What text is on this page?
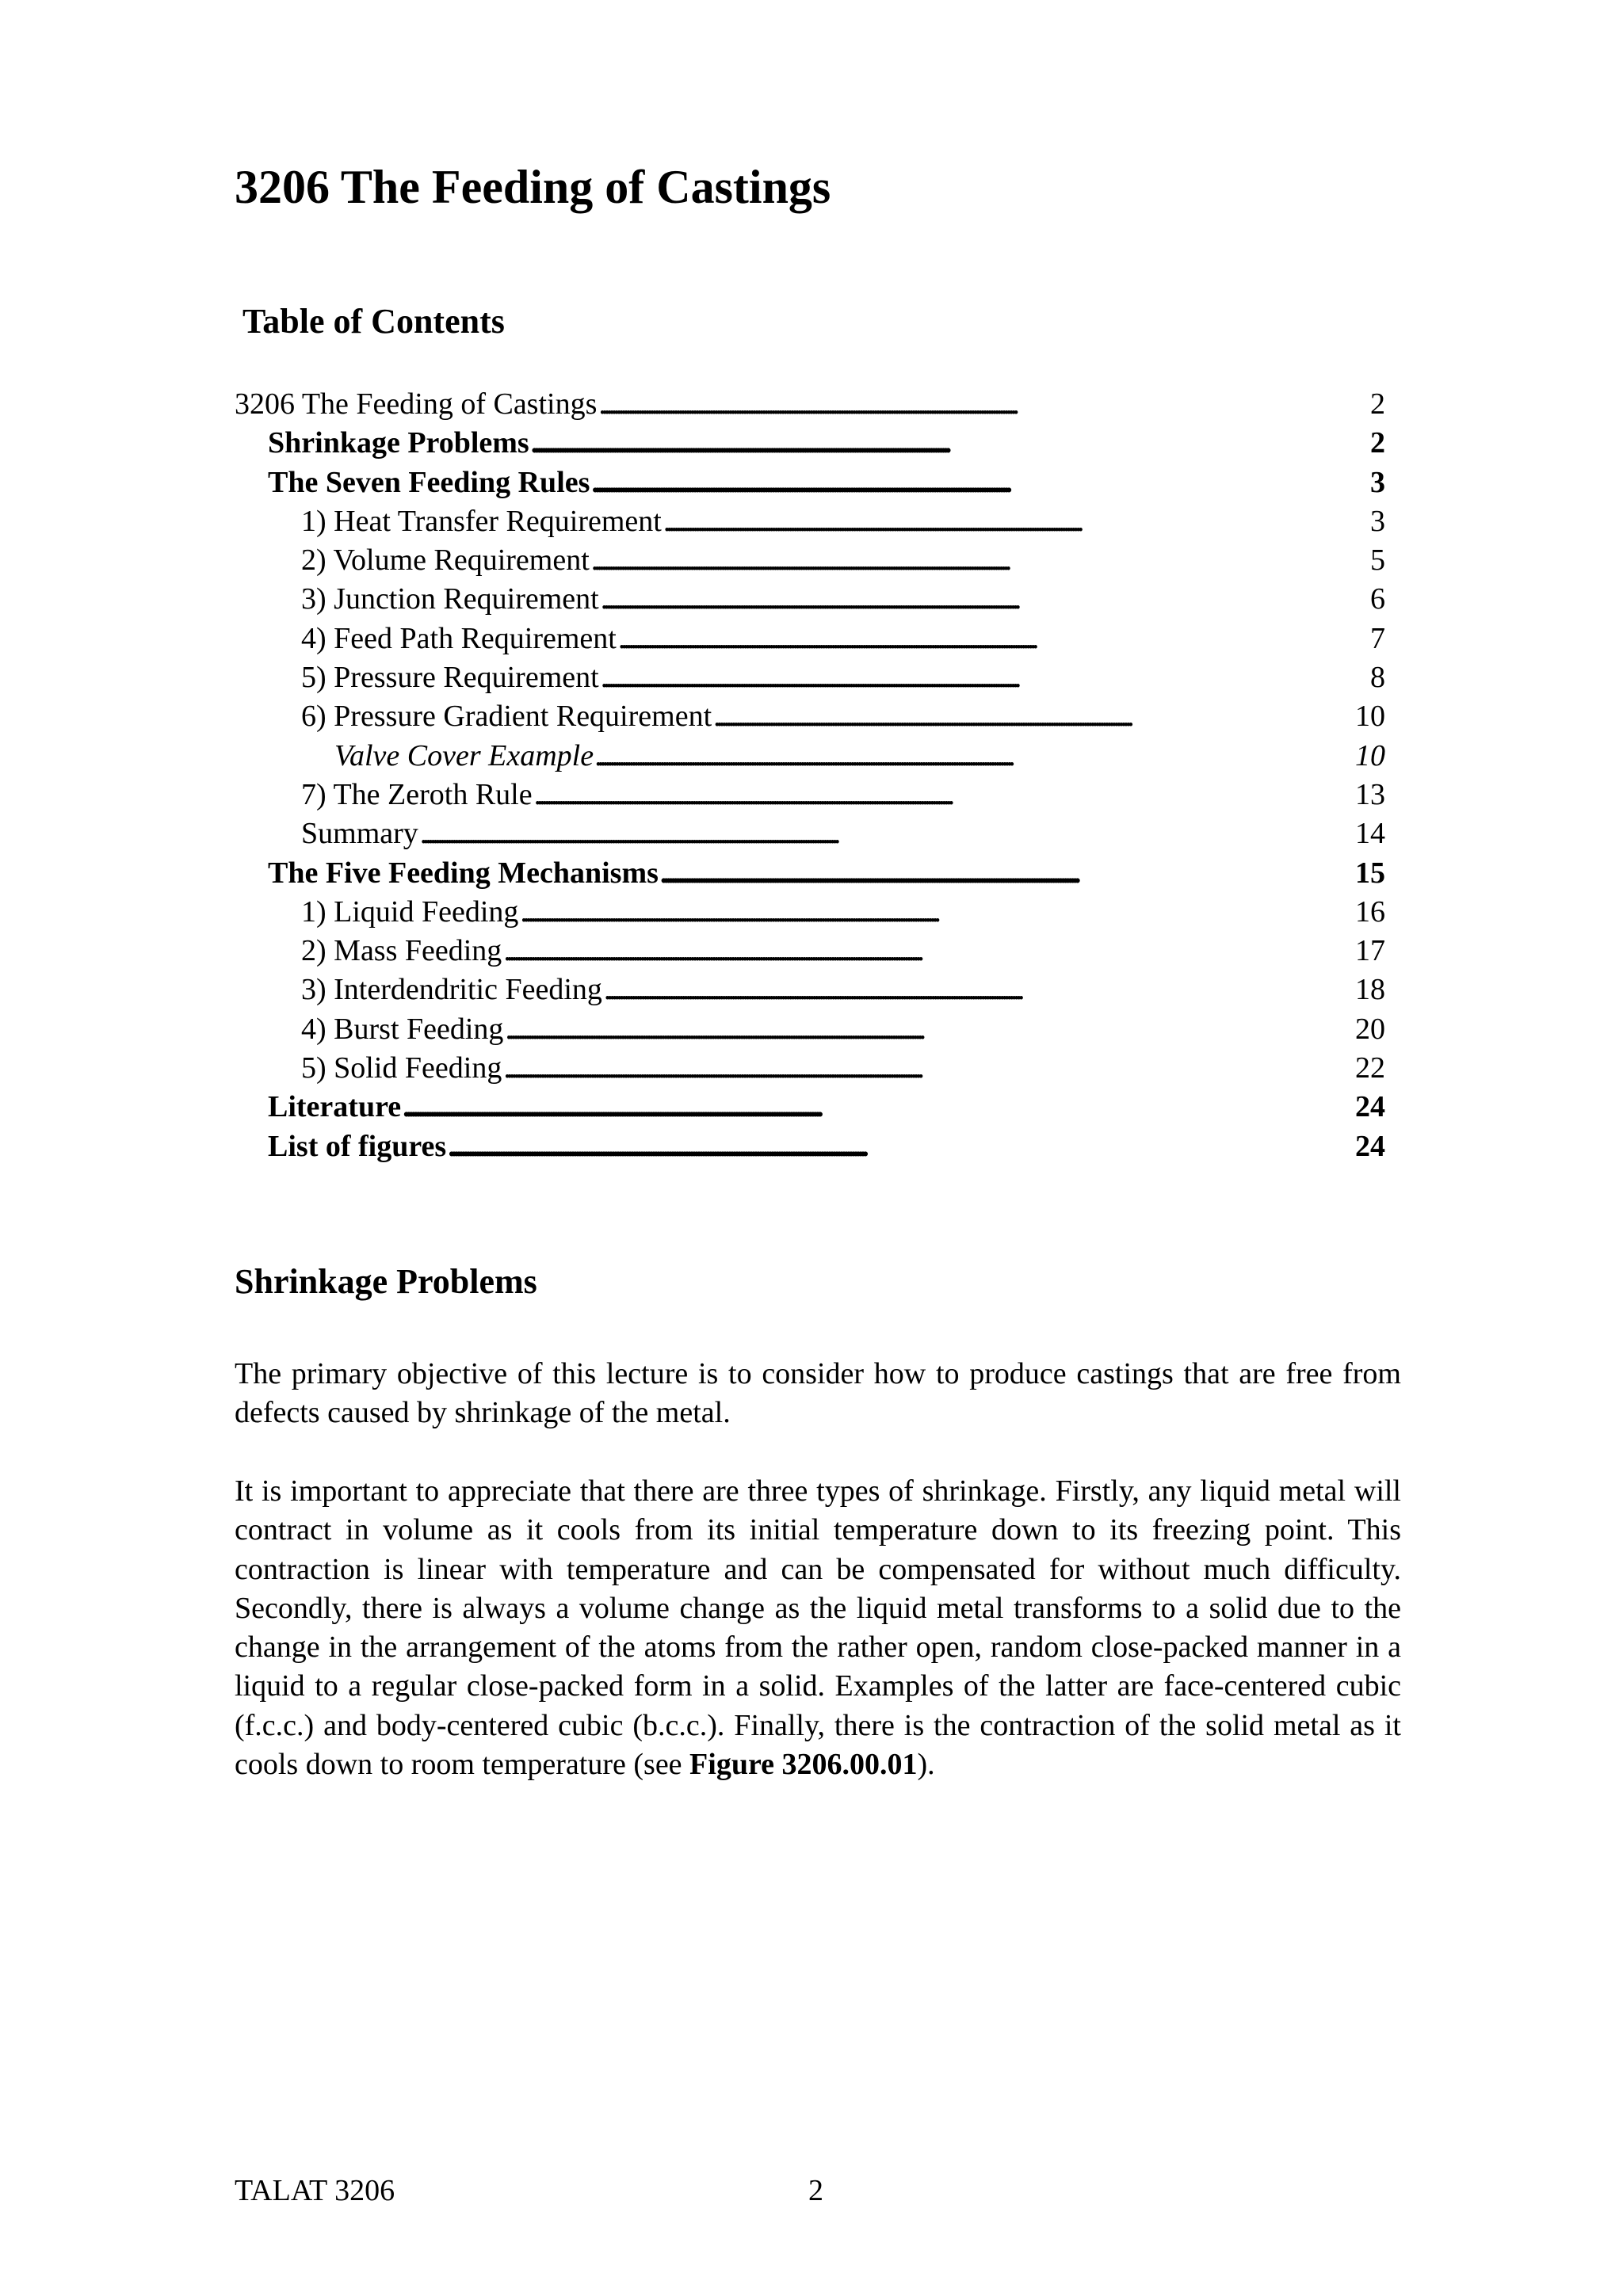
3206 The Feeding of Castings
Table of Contents
3206 The Feeding of Castings . . .	2
Shrinkage Problems . . .	2
The Seven Feeding Rules . . .	3
1) Heat Transfer Requirement . . .	3
2) Volume Requirement . . .	5
3) Junction Requirement . . .	6
4) Feed Path Requirement . . .	7
5) Pressure Requirement . . .	8
6) Pressure Gradient Requirement . . .	10
Valve Cover Example . . .	10
7) The Zeroth Rule . . .	13
Summary . . .	14
The Five Feeding Mechanisms . . .	15
1) Liquid Feeding . . .	16
2) Mass Feeding . . .	17
3) Interdendritic Feeding . . .	18
4) Burst Feeding . . .	20
5) Solid Feeding . . .	22
Literature . . .	24
List of figures . . .	24
Shrinkage Problems

The primary objective of this lecture is to consider how to produce castings that are free from defects caused by shrinkage of the metal.

It is important to appreciate that there are three types of shrinkage. Firstly, any liquid metal will contract in volume as it cools from its initial temperature down to its freezing point. This contraction is linear with temperature and can be compensated for without much difficulty. Secondly, there is always a volume change as the liquid metal transforms to a solid due to the change in the arrangement of the atoms from the rather open, random close-packed manner in a liquid to a regular close-packed form in a solid. Examples of the latter are face-centered cubic (f.c.c.) and body-centered cubic (b.c.c.). Finally, there is the contraction of the solid metal as it cools down to room temperature (see Figure 3206.00.01).

TALAT 3206	2
